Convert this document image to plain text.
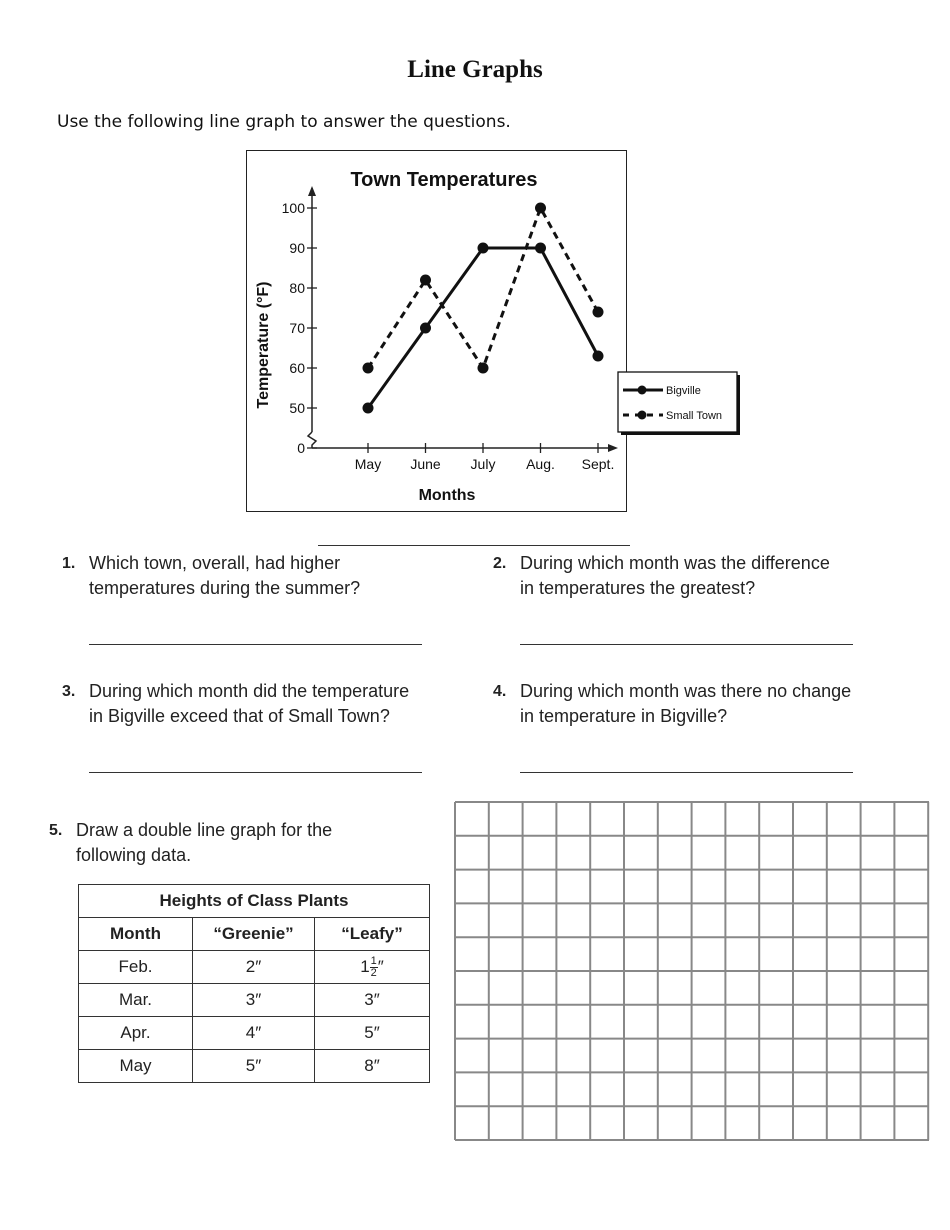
Line Graphs
Use the following line graph to answer the questions.
Town Temperatures
0
50
60
70
80
90
100
May June July Aug. Sept.
Months
Temperature (°F)	Bigville
Small Town
1. Which town, overall, had higher
temperatures during the summer?
2. During which month was the difference
in temperatures the greatest?
3. During which month did the temperature
in Bigville exceed that of Small Town?
4. During which month was there no change
in temperature in Bigville?
5. Draw a double line graph for the
following data.
Heights of Class Plants		
Month	“Greenie”	“Leafy”
Feb.	2″	$1 \frac{1}{2}$ ″
Mar.	3″	3″
Apr.	4″	5″
May	5″	8″
